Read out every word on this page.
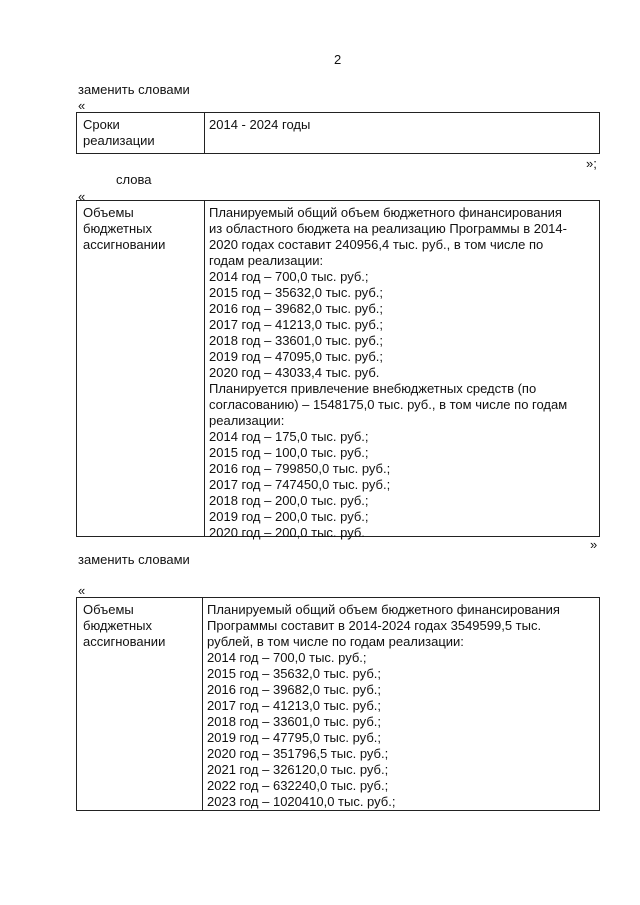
2
заменить словами
«
Сроки
реализации
2014 - 2024 годы
»;
слова
«
Объемы
бюджетных
ассигновании
Планируемый общий объем бюджетного финансирования
из областного бюджета на реализацию Программы в 2014-
2020 годах составит 240956,4 тыс. руб., в том числе по
годам реализации:
2014 год – 700,0 тыс. руб.;
2015 год – 35632,0 тыс. руб.;
2016 год – 39682,0 тыс. руб.;
2017 год – 41213,0 тыс. руб.;
2018 год – 33601,0 тыс. руб.;
2019 год – 47095,0 тыс. руб.;
2020 год – 43033,4 тыс. руб.
Планируется привлечение внебюджетных средств (по
согласованию) – 1548175,0 тыс. руб., в том числе по годам
реализации:
2014 год – 175,0 тыс. руб.;
2015 год – 100,0 тыс. руб.;
2016 год – 799850,0 тыс. руб.;
2017 год – 747450,0 тыс. руб.;
2018 год – 200,0 тыс. руб.;
2019 год – 200,0 тыс. руб.;
2020 год – 200,0 тыс. руб.
»
заменить словами
«
Объемы
бюджетных
ассигновании
Планируемый общий объем бюджетного финансирования
Программы составит в 2014-2024 годах 3549599,5 тыс.
рублей, в том числе по годам реализации:
2014 год – 700,0 тыс. руб.;
2015 год – 35632,0 тыс. руб.;
2016 год – 39682,0 тыс. руб.;
2017 год – 41213,0 тыс. руб.;
2018 год – 33601,0 тыс. руб.;
2019 год – 47795,0 тыс. руб.;
2020 год – 351796,5 тыс. руб.;
2021 год – 326120,0 тыс. руб.;
2022 год – 632240,0 тыс. руб.;
2023 год – 1020410,0 тыс. руб.;
